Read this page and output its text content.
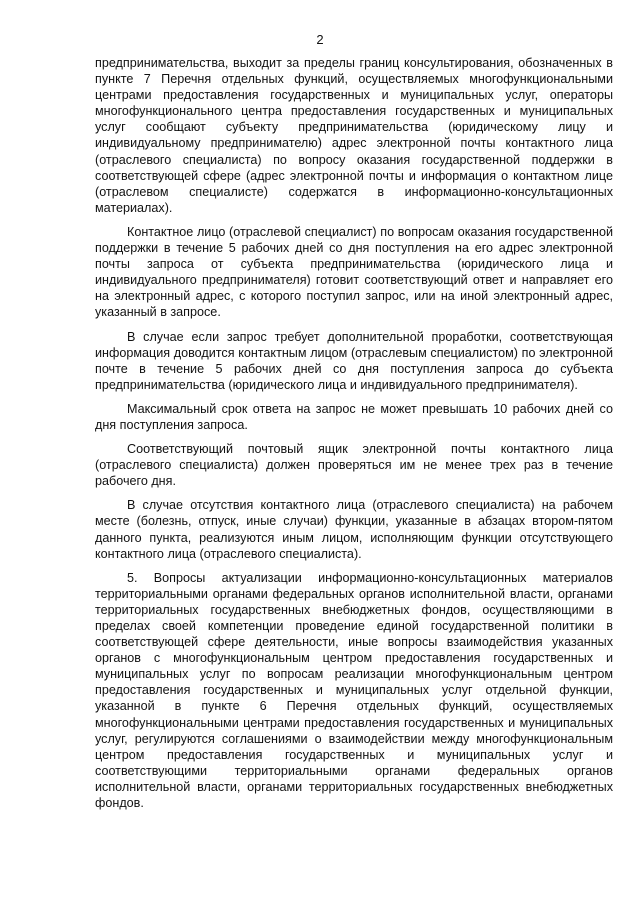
2

предпринимательства, выходит за пределы границ консультирования, обозначенных в пункте 7 Перечня отдельных функций, осуществляемых многофункциональными центрами предоставления государственных и муниципальных услуг, операторы многофункционального центра предоставления государственных и муниципальных услуг сообщают субъекту предпринимательства (юридическому лицу и индивидуальному предпринимателю) адрес электронной почты контактного лица (отраслевого специалиста) по вопросу оказания государственной поддержки в соответствующей сфере (адрес электронной почты и информация о контактном лице (отраслевом специалисте) содержатся в информационно-консультационных материалах).

Контактное лицо (отраслевой специалист) по вопросам оказания государственной поддержки в течение 5 рабочих дней со дня поступления на его адрес электронной почты запроса от субъекта предпринимательства (юридического лица и индивидуального предпринимателя) готовит соответствующий ответ и направляет его на электронный адрес, с которого поступил запрос, или на иной электронный адрес, указанный в запросе.

В случае если запрос требует дополнительной проработки, соответствующая информация доводится контактным лицом (отраслевым специалистом) по электронной почте в течение 5 рабочих дней со дня поступления запроса до субъекта предпринимательства (юридического лица и индивидуального предпринимателя).

Максимальный срок ответа на запрос не может превышать 10 рабочих дней со дня поступления запроса.

Соответствующий почтовый ящик электронной почты контактного лица (отраслевого специалиста) должен проверяться им не менее трех раз в течение рабочего дня.

В случае отсутствия контактного лица (отраслевого специалиста) на рабочем месте (болезнь, отпуск, иные случаи) функции, указанные в абзацах втором-пятом данного пункта, реализуются иным лицом, исполняющим функции отсутствующего контактного лица (отраслевого специалиста).

5. Вопросы актуализации информационно-консультационных материалов территориальными органами федеральных органов исполнительной власти, органами территориальных государственных внебюджетных фондов, осуществляющими в пределах своей компетенции проведение единой государственной политики в соответствующей сфере деятельности, иные вопросы взаимодействия указанных органов с многофункциональным центром предоставления государственных и муниципальных услуг по вопросам реализации многофункциональным центром предоставления государственных и муниципальных услуг отдельной функции, указанной в пункте 6 Перечня отдельных функций, осуществляемых многофункциональными центрами предоставления государственных и муниципальных услуг, регулируются соглашениями о взаимодействии между многофункциональным центром предоставления государственных и муниципальных услуг и соответствующими территориальными органами федеральных органов исполнительной власти, органами территориальных государственных внебюджетных фондов.
